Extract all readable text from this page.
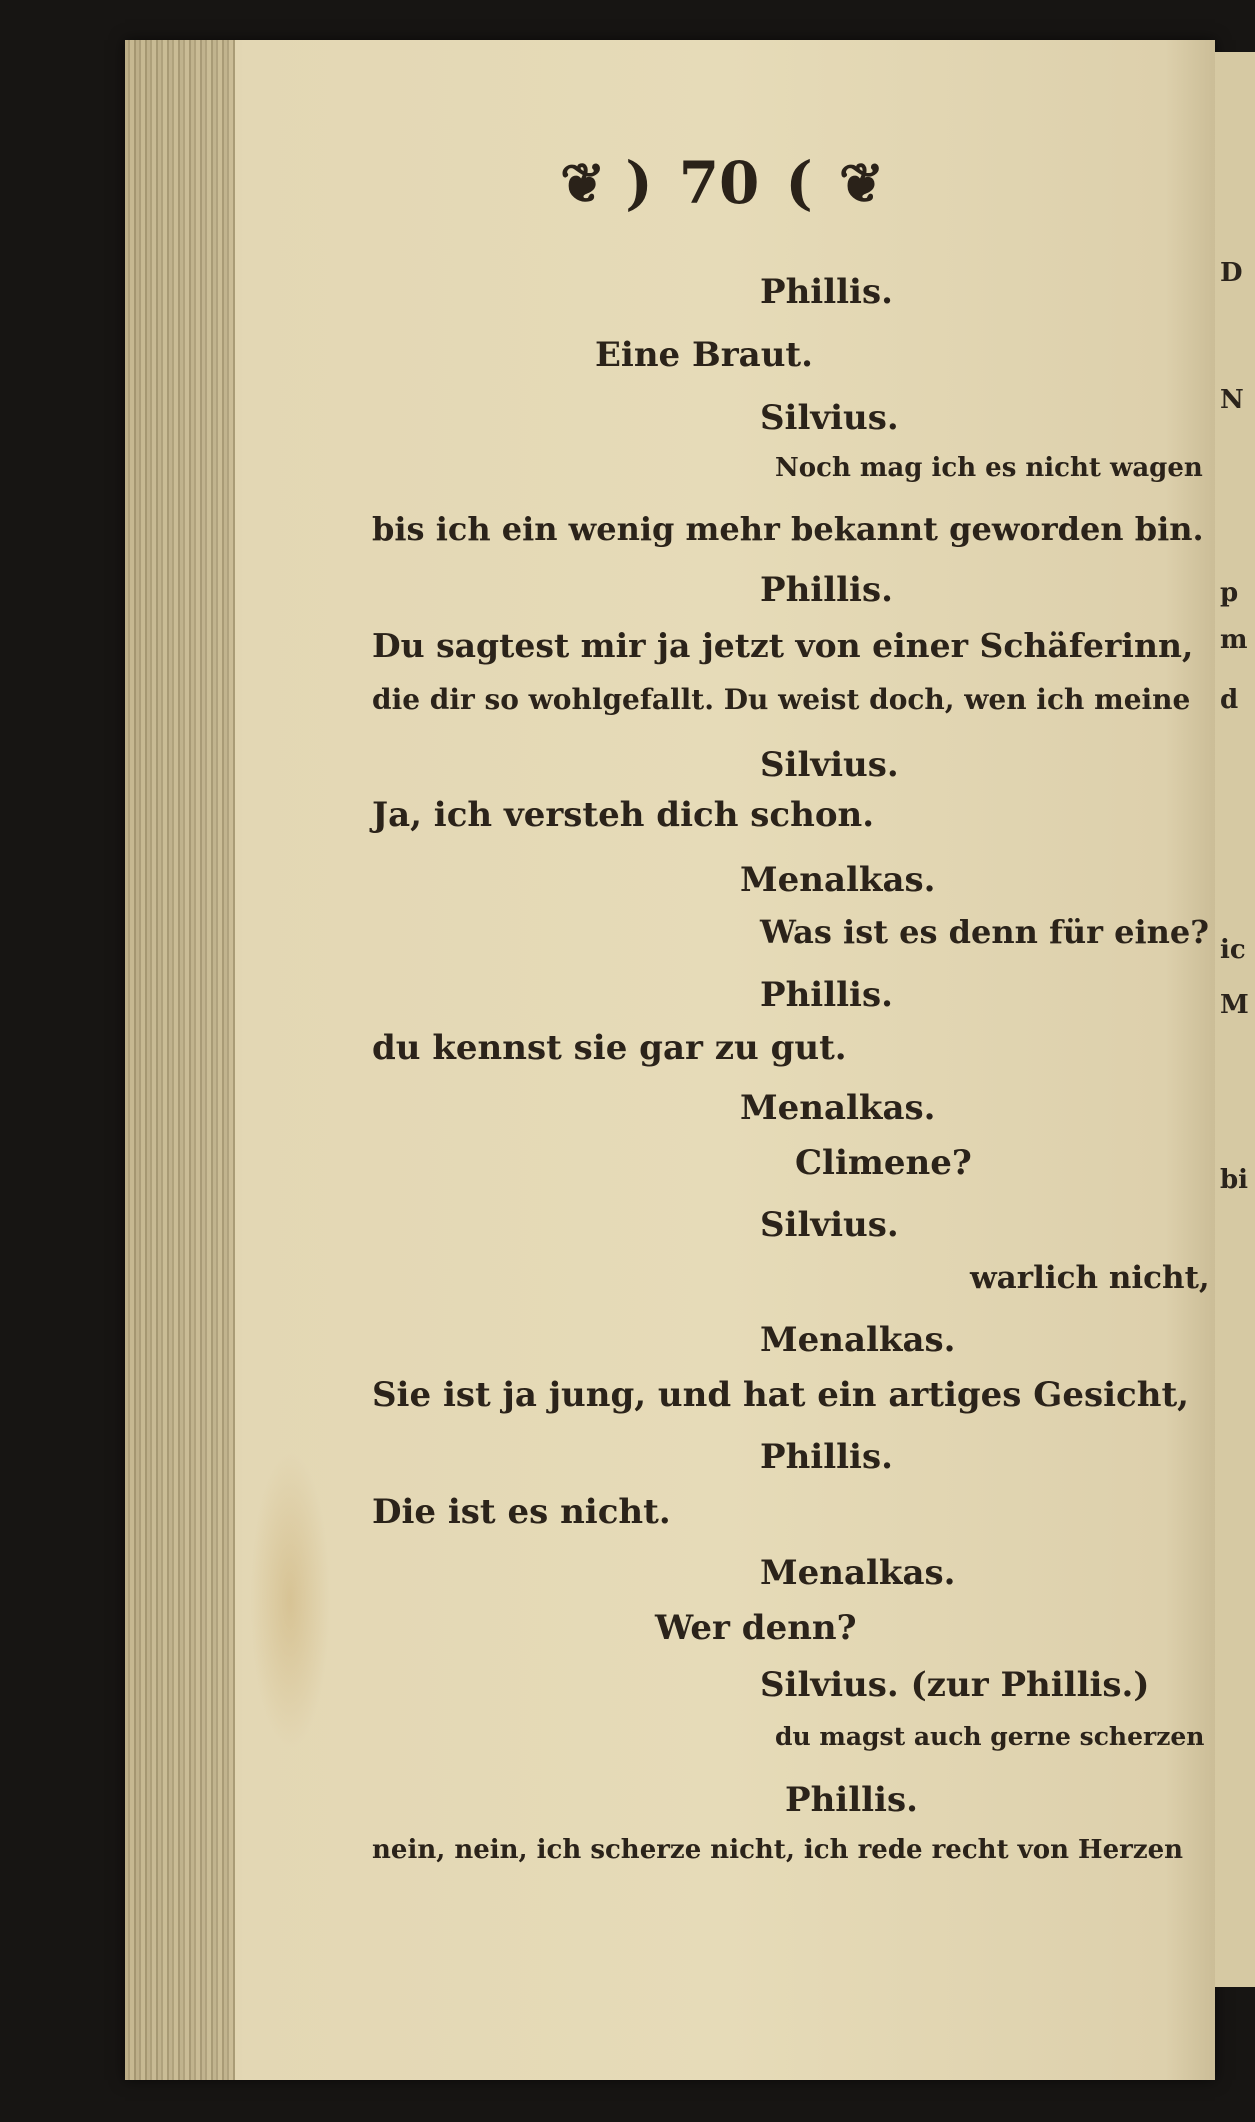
D
N
p
m
d
ic
M
bi
❦ ) 70 ( ❦
Phillis.
Eine Braut.
Silvius.
Noch mag ich es nicht wagen
bis ich ein wenig mehr bekannt geworden bin.
Phillis.
Du sagtest mir ja jetzt von einer Schäferinn,
die dir so wohlgefallt. Du weist doch, wen ich meine
Silvius.
Ja, ich versteh dich schon.
Menalkas.
Was ist es denn für eine?
Phillis.
du kennst sie gar zu gut.
Menalkas.
Climene?
Silvius.
warlich nicht,
Menalkas.
Sie ist ja jung, und hat ein artiges Gesicht,
Phillis.
Die ist es nicht.
Menalkas.
Wer denn?
Silvius. (zur Phillis.)
du magst auch gerne scherzen
Phillis.
nein, nein, ich scherze nicht, ich rede recht von Herzen
